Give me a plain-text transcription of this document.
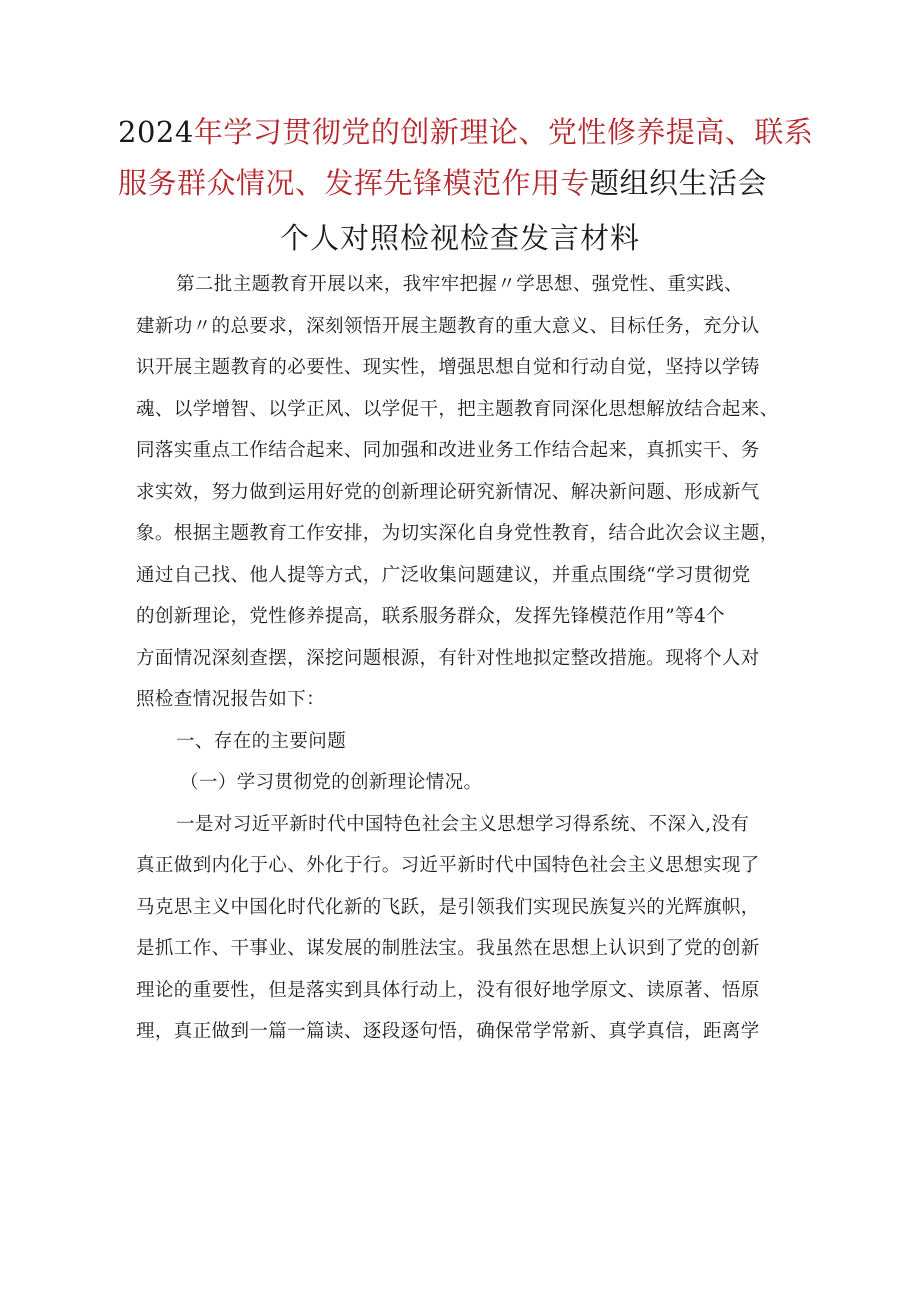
2024年学习贯彻党的创新理论、党性修养提高、联系
服务群众情况、发挥先锋模范作用专题组织生活会
个人对照检视检查发言材料
第二批主题教育开展以来，我牢牢把握〃学思想、强党性、重实践、
建新功〃的总要求，深刻领悟开展主题教育的重大意义、目标任务，充分认
识开展主题教育的必要性、现实性，增强思想自觉和行动自觉，坚持以学铸
魂、以学增智、以学正风、以学促干，把主题教育同深化思想解放结合起来、
同落实重点工作结合起来、同加强和改进业务工作结合起来，真抓实干、务
求实效，努力做到运用好党的创新理论研究新情况、解决新问题、形成新气
象。根据主题教育工作安排，为切实深化自身党性教育，结合此次会议主题，
通过自己找、他人提等方式，广泛收集问题建议，并重点围绕“学习贯彻党
的创新理论，党性修养提高，联系服务群众，发挥先锋模范作用”等4个
方面情况深刻查摆，深挖问题根源，有针对性地拟定整改措施。现将个人对
照检查情况报告如下：
一、存在的主要问题
（一）学习贯彻党的创新理论情况。
一是对习近平新时代中国特色社会主义思想学习得系统、不深入,没有
真正做到内化于心、外化于行。习近平新时代中国特色社会主义思想实现了
马克思主义中国化时代化新的飞跃，是引领我们实现民族复兴的光辉旗帜，
是抓工作、干事业、谋发展的制胜法宝。我虽然在思想上认识到了党的创新
理论的重要性，但是落实到具体行动上，没有很好地学原文、读原著、悟原
理，真正做到一篇一篇读、逐段逐句悟，确保常学常新、真学真信，距离学
